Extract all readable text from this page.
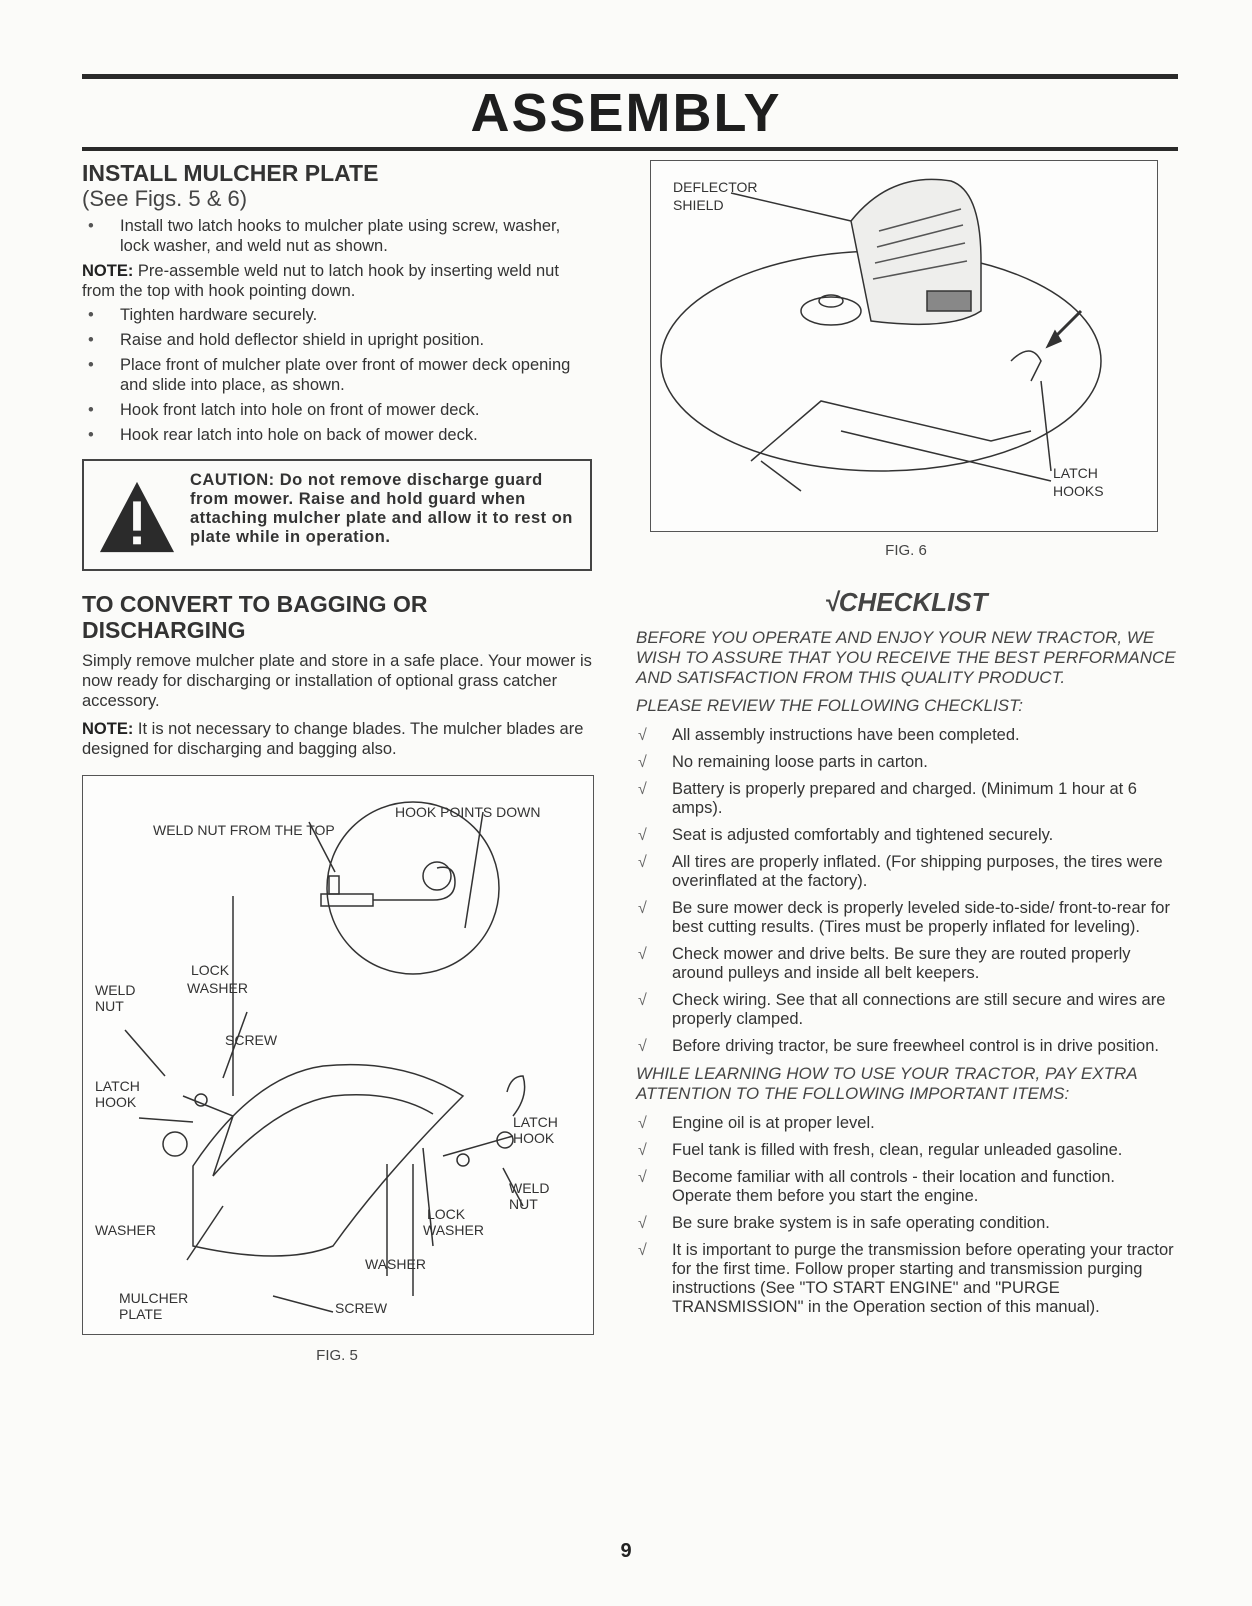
ASSEMBLY
INSTALL MULCHER PLATE
(See Figs. 5 & 6)
• Install two latch hooks to mulcher plate using screw, washer, lock washer, and weld nut as shown.

NOTE: Pre-assemble weld nut to latch hook by inserting weld nut from the top with hook pointing down.

• Tighten hardware securely.
• Raise and hold deflector shield in upright position.
• Place front of mulcher plate over front of mower deck opening and slide into place, as shown.
• Hook front latch into hole on front of mower deck.
• Hook rear latch into hole on back of mower deck.
CAUTION: Do not remove discharge guard from mower. Raise and hold guard when attaching mulcher plate and allow it to rest on plate while in operation.
TO CONVERT TO BAGGING OR
DISCHARGING

Simply remove mulcher plate and store in a safe place. Your mower is now ready for discharging or installation of optional grass catcher accessory.

NOTE: It is not necessary to change blades. The mulcher blades are designed for discharging and bagging also.

HOOK POINTS DOWN
WELD NUT FROM THE TOP
LOCK
WASHER
WELD
NUT
SCREW
LATCH
HOOK
LATCH
HOOK
WELD
NUT
LOCK
WASHER
WASHER
WASHER
MULCHER
PLATE	SCREW
FIG. 5
DEFLECTOR
SHIELD
LATCH
HOOKS
FIG. 6
√CHECKLIST

BEFORE YOU OPERATE AND ENJOY YOUR NEW TRACTOR, WE WISH TO ASSURE THAT YOU RECEIVE THE BEST PERFORMANCE AND SATISFACTION FROM THIS QUALITY PRODUCT.

PLEASE REVIEW THE FOLLOWING CHECKLIST:

√ All assembly instructions have been completed.
√ No remaining loose parts in carton.
√ Battery is properly prepared and charged. (Minimum 1 hour at 6 amps).
√ Seat is adjusted comfortably and tightened securely.
√ All tires are properly inflated. (For shipping purposes, the tires were overinflated at the factory).
√ Be sure mower deck is properly leveled side-to-side/ front-to-rear for best cutting results. (Tires must be properly inflated for leveling).
√ Check mower and drive belts. Be sure they are routed properly around pulleys and inside all belt keepers.
√ Check wiring. See that all connections are still secure and wires are properly clamped.
√ Before driving tractor, be sure freewheel control is in drive position.

WHILE LEARNING HOW TO USE YOUR TRACTOR, PAY EXTRA ATTENTION TO THE FOLLOWING IMPORTANT ITEMS:

√ Engine oil is at proper level.
√ Fuel tank is filled with fresh, clean, regular unleaded gasoline.
√ Become familiar with all controls - their location and function. Operate them before you start the engine.
√ Be sure brake system is in safe operating condition.
√ It is important to purge the transmission before operating your tractor for the first time. Follow proper starting and transmission purging instructions (See "TO START ENGINE" and "PURGE TRANSMISSION" in the Operation section of this manual).
9
